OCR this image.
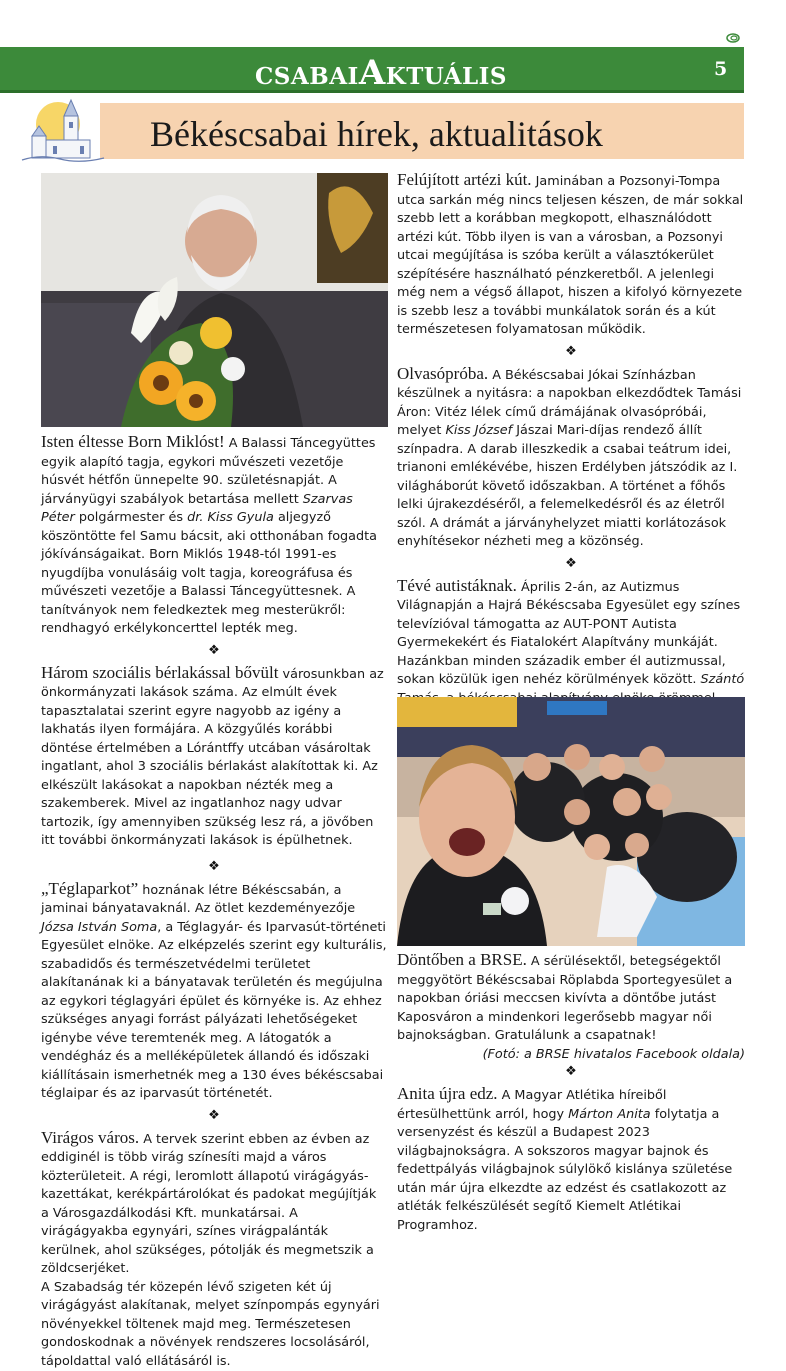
CSABAIAKTUÁLIS	5
Békéscsabai hírek, aktualitások

Isten éltesse Born Miklóst! A Balassi Táncegyüttes egyik alapító tagja, egykori művészeti vezetője húsvét hétfőn ünnepelte 90. születésnapját. A járványügyi szabályok betartása mellett Szarvas Péter polgármester és dr. Kiss Gyula aljegyző köszöntötte fel Samu bácsit, aki otthonában fogadta jókívánságaikat. Born Miklós 1948-tól 1991-es nyugdíjba vonulásáig volt tagja, koreográfusa és művészeti vezetője a Balassi Táncegyüttesnek. A tanítványok nem feledkeztek meg mesterükről: rendhagyó erkélykoncerttel lepték meg.

❖

Három szociális bérlakással bővült városunkban az önkormányzati lakások száma. Az elmúlt évek tapasztalatai szerint egyre nagyobb az igény a lakhatás ilyen formájára. A közgyűlés korábbi döntése értelmében a Lórántffy utcában vásároltak ingatlant, ahol 3 szociális bérlakást alakítottak ki. Az elkészült lakásokat a napokban nézték meg a szakemberek. Mivel az ingatlanhoz nagy udvar tartozik, így amennyiben szükség lesz rá, a jövőben itt további önkormányzati lakások is épülhetnek.

❖

„Téglaparkot” hoznának létre Békéscsabán, a jaminai bányatavaknál. Az ötlet kezdeményezője Józsa István Soma, a Téglagyár- és Iparvasút-történeti Egyesület elnöke. Az elképzelés szerint egy kulturális, szabadidős és természetvédelmi területet alakítanának ki a bányatavak területén és megújulna az egykori téglagyári épület és környéke is. Az ehhez szükséges anyagi forrást pályázati lehetőségeket igénybe véve teremtenék meg. A látogatók a vendégház és a melléképületek állandó és időszaki kiállításain ismerhetnék meg a 130 éves békéscsabai téglaipar és az iparvasút történetét.

❖

Virágos város. A tervek szerint ebben az évben az eddiginél is több virág színesíti majd a város közterületeit. A régi, leromlott állapotú virágágyás-kazettákat, kerékpártárolókat és padokat megújítják a Városgazdálkodási Kft. munkatársai. A virágágyakba egynyári, színes virágpalánták kerülnek, ahol szükséges, pótolják és megmetszik a zöldcserjéket.

A Szabadság tér közepén lévő szigeten két új virágágyást alakítanak, melyet színpompás egynyári növényekkel töltenek majd meg. Természetesen gondoskodnak a növények rendszeres locsolásáról, tápoldattal való ellátásáról is.

Felújított artézi kút. Jaminában a Pozsonyi-Tompa utca sarkán még nincs teljesen készen, de már sokkal szebb lett a korábban megkopott, elhasználódott artézi kút. Több ilyen is van a városban, a Pozsonyi utcai megújítása is szóba került a választókerület szépítésére használható pénzkeretből. A jelenlegi még nem a végső állapot, hiszen a kifolyó környezete is szebb lesz a további munkálatok során és a kút természetesen folyamatosan működik.

❖

Olvasópróba. A Békéscsabai Jókai Színházban készülnek a nyitásra: a napokban elkezdődtek Tamási Áron: Vitéz lélek című drámájának olvasópróbái, melyet Kiss József Jászai Mari-díjas rendező állít színpadra. A darab illeszkedik a csabai teátrum idei, trianoni emlékévébe, hiszen Erdélyben játszódik az I. világháborút követő időszakban. A történet a főhős lelki újrakezdéséről, a felemelkedésről és az életről szól. A drámát a járványhelyzet miatti korlátozások enyhítésekor nézheti meg a közönség.

❖

Tévé autistáknak. Április 2-án, az Autizmus Világnapján a Hajrá Békéscsaba Egyesület egy színes televízióval támogatta az AUT-PONT Autista Gyermekekért és Fiatalokért Alapítvány munkáját. Hazánkban minden századik ember él autizmussal, sokan közülük igen nehéz körülmények között. Szántó

Döntőben a BRSE. A sérülésektől, betegségektől meggyötört Békéscsabai Röplabda Sportegyesület a napokban óriási meccsen kivívta a döntőbe jutást Kaposváron a mindenkori legerősebb magyar női bajnokságban. Gratulálunk a csapatnak!
(Fotó: a BRSE hivatalos Facebook oldala)

❖

Anita újra edz. A Magyar Atlétika híreiből értesülhettünk arról, hogy Márton Anita folytatja a versenyzést és készül a Budapest 2023 világbajnokságra. A sokszoros magyar bajnok és fedettpályás világbajnok súlylökő kislánya születése után már újra elkezdte az edzést és csatlakozott az atléták felkészülését segítő Kiemelt Atlétikai Programhoz.
